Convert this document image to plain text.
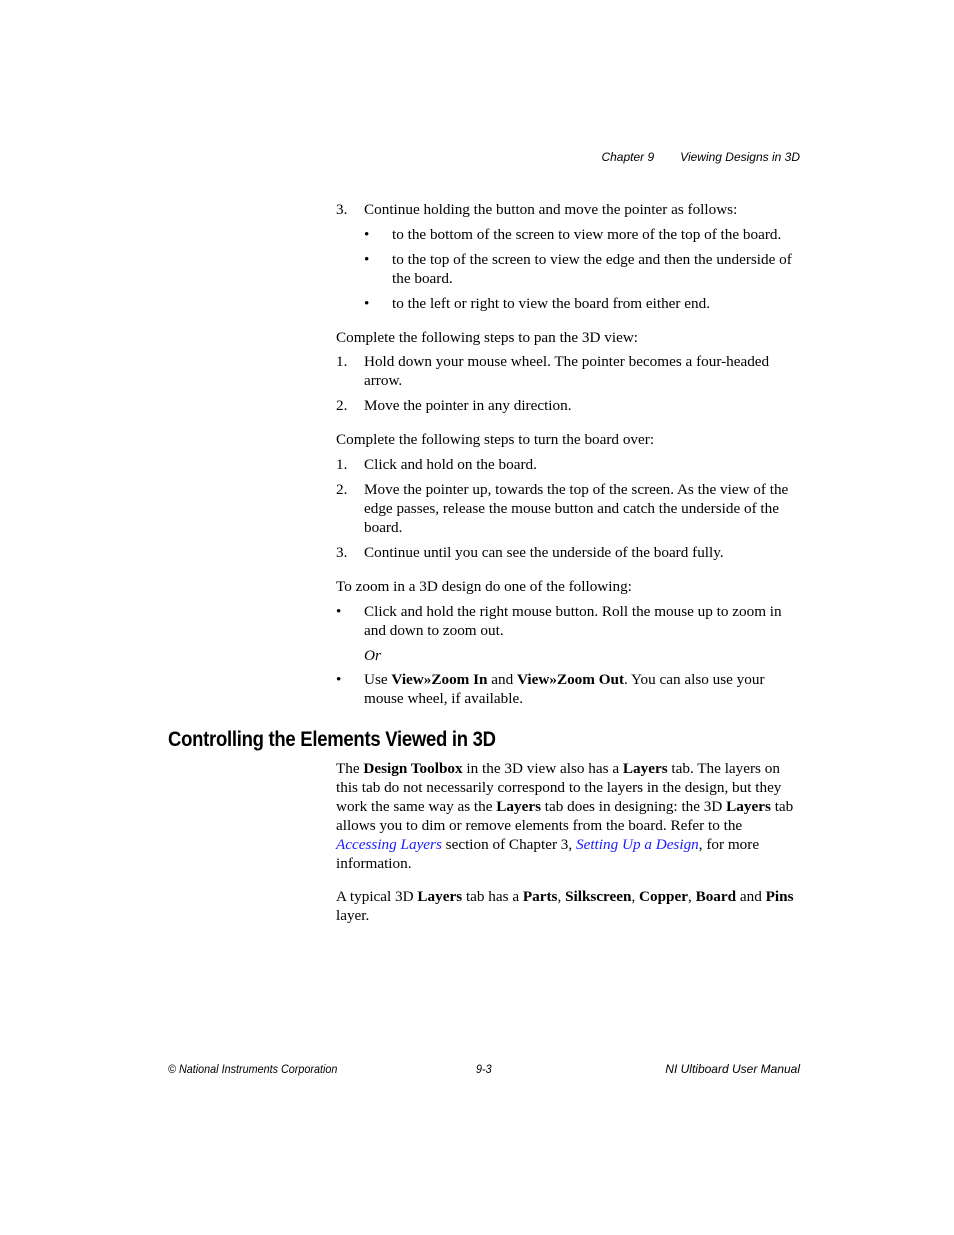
Chapter 9 Viewing Designs in 3D
3.	Continue holding the button and move the pointer as follows:
•	to the bottom of the screen to view more of the top of the board.
•	to the top of the screen to view the edge and then the underside of the board.
•	to the left or right to view the board from either end.

Complete the following steps to pan the 3D view:

1.	Hold down your mouse wheel. The pointer becomes a four-headed arrow.
2.	Move the pointer in any direction.

Complete the following steps to turn the board over:

1.	Click and hold on the board.
2.	Move the pointer up, towards the top of the screen. As the view of the edge passes, release the mouse button and catch the underside of the board.
3.	Continue until you can see the underside of the board fully.

To zoom in a 3D design do one of the following:

•	Click and hold the right mouse button. Roll the mouse up to zoom in and down to zoom out.
Or
•	Use View»Zoom In and View»Zoom Out. You can also use your mouse wheel, if available.
Controlling the Elements Viewed in 3D

The Design Toolbox in the 3D view also has a Layers tab. The layers on this tab do not necessarily correspond to the layers in the design, but they work the same way as the Layers tab does in designing: the 3D Layers tab allows you to dim or remove elements from the board. Refer to the Accessing Layers section of Chapter 3, Setting Up a Design, for more information.

A typical 3D Layers tab has a Parts, Silkscreen, Copper, Board and Pins layer.

© National Instruments Corporation	9-3	NI Ultiboard User Manual
